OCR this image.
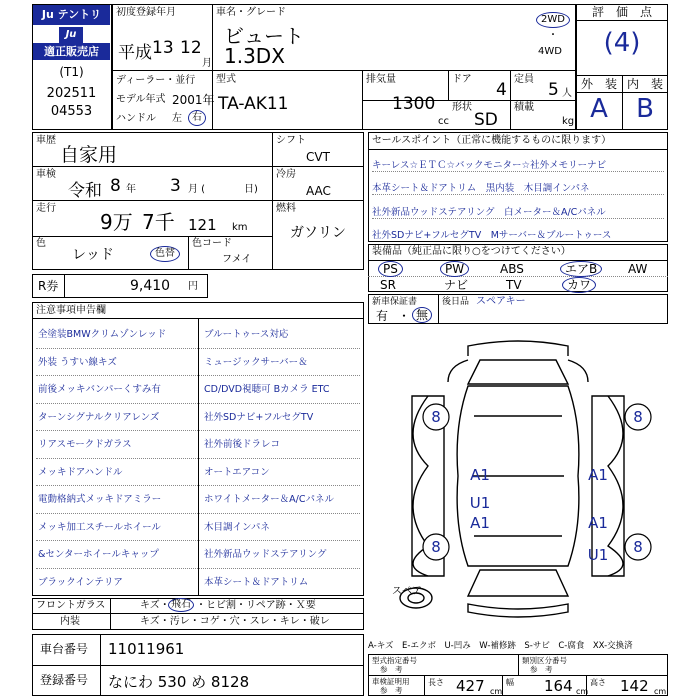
Ju テントリ
Ju
適正販売店
(T1)
202511
04553
初度登録年月
平成 13 12
月
車名・グレード
ビュート
1.3DX
2WD
・
4WD
評　価　点
(4)
外　装 内　装
A	B
ディーラー・並行
モデル年式 2001年
ハンドル 左	右
型式
TA-AK11
排気量
1300
cc
ドア
4
定員
5 人
形状
SD
積載
kg
車歴
自家用
シフト
CVT
車検
令和 8 年 3 月 (	日)
冷房
AAC
走行
9万 7千 121 km
燃料
ガソリン
色
レッド	色替
色コード
フメイ
R券	9,410 円
セールスポイント（正常に機能するものに限ります）
キーレス☆ＥＴＣ☆バックモニター☆社外メモリーナビ
本革シート＆ドアトリム　黒内装　木目調インパネ
社外新品ウッドステアリング　白メーター＆A/Cパネル
社外SDナビ+フルセグTV　Mサーバー＆ブルートゥース
装備品（純正品に限り○をつけてください）
PS	PW	ABS	エアB	AW
SR	ナビ	TV	カワ
新車保証書
有 ・ 無
後日品 スペアキー
注意事項申告欄
全塗装BMWクリムゾンレッド	ブルートゥース対応
外装 うすい線キズ	ミュージックサーバー＆
前後メッキバンパーくすみ有	CD/DVD視聴可 Bカメラ ETC
ターンシグナルクリアレンズ	社外SDナビ+フルセグTV
リアスモークドガラス	社外前後ドラレコ
メッキドアハンドル	オートエアコン
電動格納式メッキドアミラー	ホワイトメーター＆A/Cパネル
メッキ加工スチールホイール	木目調インパネ
&センターホイールキャップ	社外新品ウッドステアリング
ブラックインテリア	本革シート＆ドアトリム
フロントガラス	キズ・ 飛石 ・ヒビ割・リペア跡・Ｘ要
内装	キズ・汚レ・コゲ・穴・スレ・キレ・破レ
車台番号 11011961
登録番号 なにわ 530 め 8128
8	8
A1	A1
U1
A1	A1
8	U1 8
スペア
A-キズ　E-エクボ　U-凹み　W-補修跡　S-サビ　C-腐食　XX-交換済
型式指定番号
参　考
類別区分番号
参　考
車検証明用
参　考
長さ 427 cm
幅 164 cm
高さ 142 cm
